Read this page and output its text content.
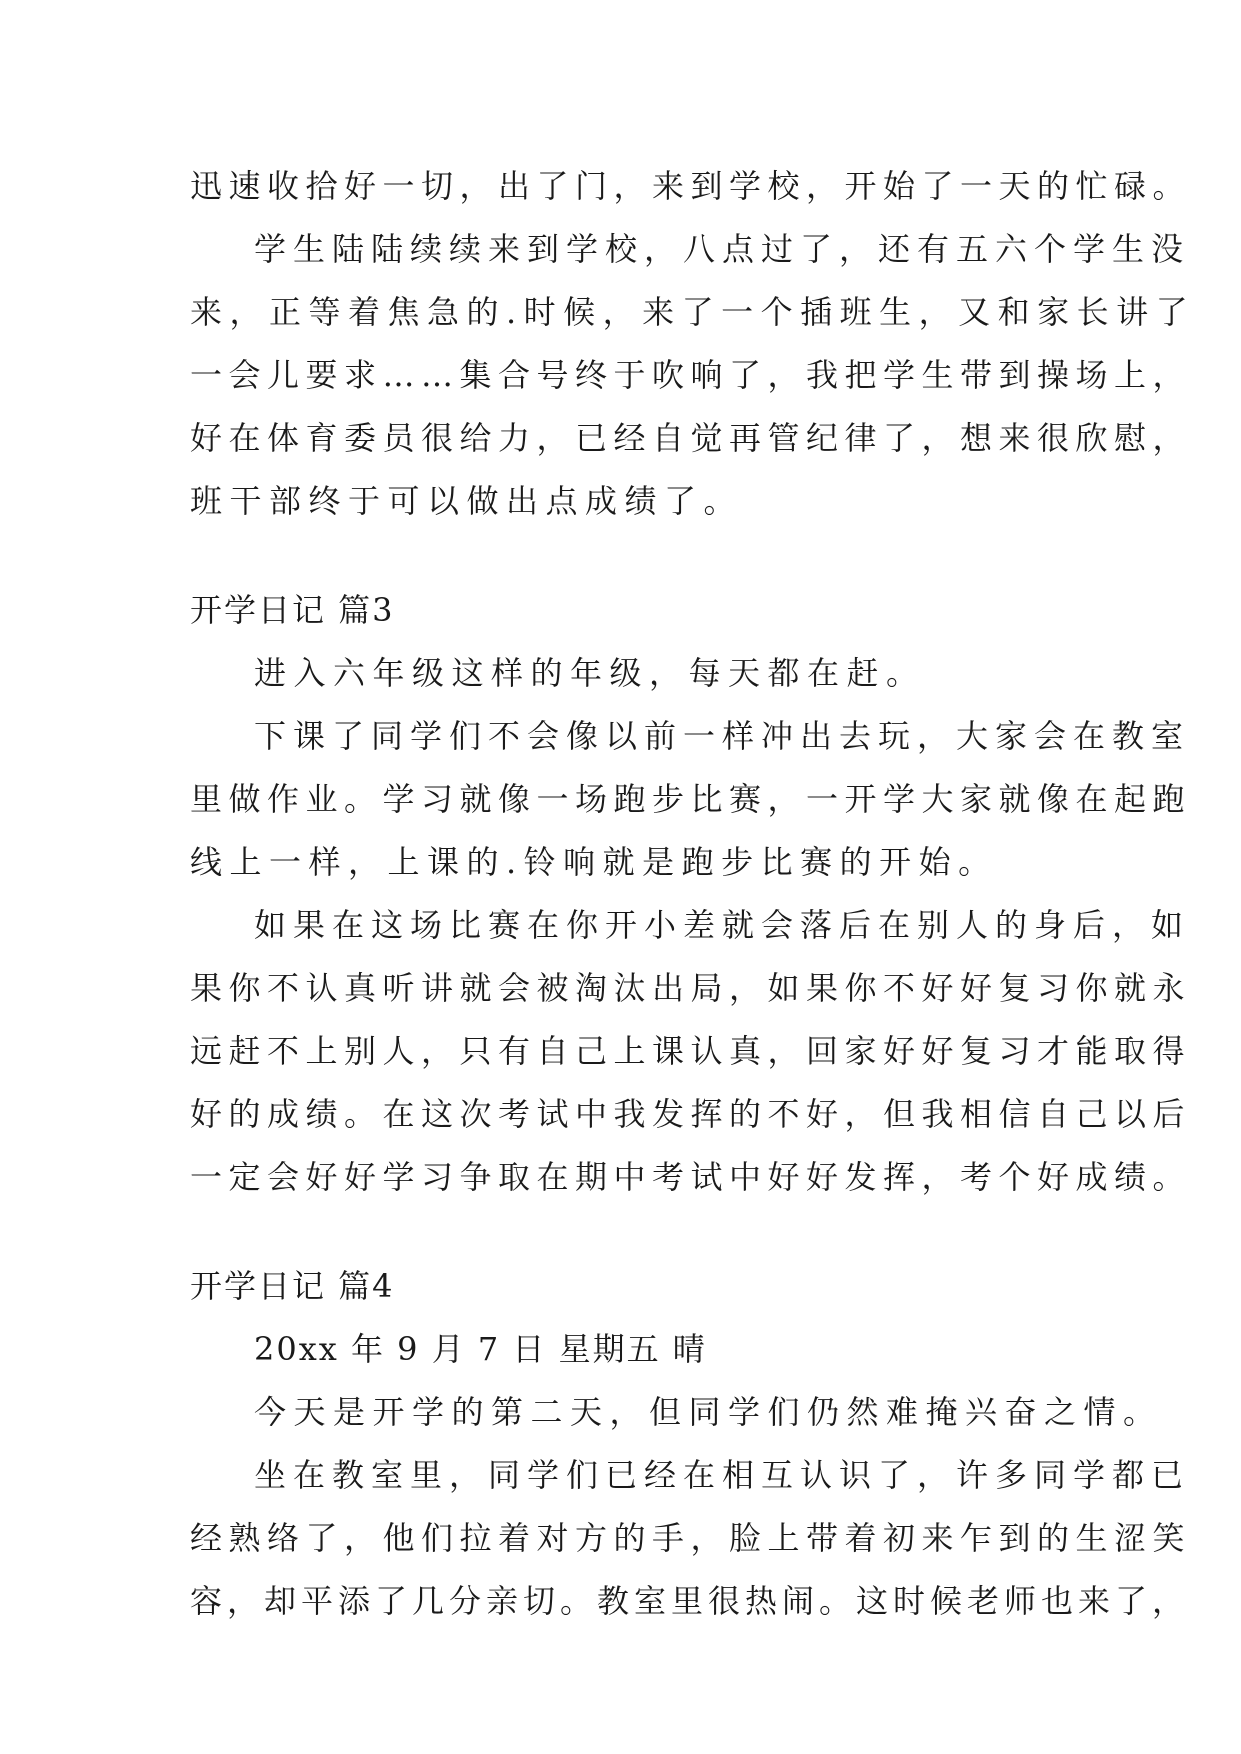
迅速收拾好一切，出了门，来到学校，开始了一天的忙碌。
学生陆陆续续来到学校，八点过了，还有五六个学生没
来，正等着焦急的.时候，来了一个插班生，又和家长讲了
一会儿要求……集合号终于吹响了，我把学生带到操场上，
好在体育委员很给力，已经自觉再管纪律了，想来很欣慰，
班干部终于可以做出点成绩了。
开学日记 篇3
进入六年级这样的年级，每天都在赶。
下课了同学们不会像以前一样冲出去玩，大家会在教室
里做作业。学习就像一场跑步比赛，一开学大家就像在起跑
线上一样，上课的.铃响就是跑步比赛的开始。
如果在这场比赛在你开小差就会落后在别人的身后，如
果你不认真听讲就会被淘汰出局，如果你不好好复习你就永
远赶不上别人，只有自己上课认真，回家好好复习才能取得
好的成绩。在这次考试中我发挥的不好，但我相信自己以后
一定会好好学习争取在期中考试中好好发挥，考个好成绩。
开学日记 篇4
20xx 年 9 月 7 日 星期五 晴
今天是开学的第二天，但同学们仍然难掩兴奋之情。
坐在教室里，同学们已经在相互认识了，许多同学都已
经熟络了，他们拉着对方的手，脸上带着初来乍到的生涩笑
容，却平添了几分亲切。教室里很热闹。这时候老师也来了，
